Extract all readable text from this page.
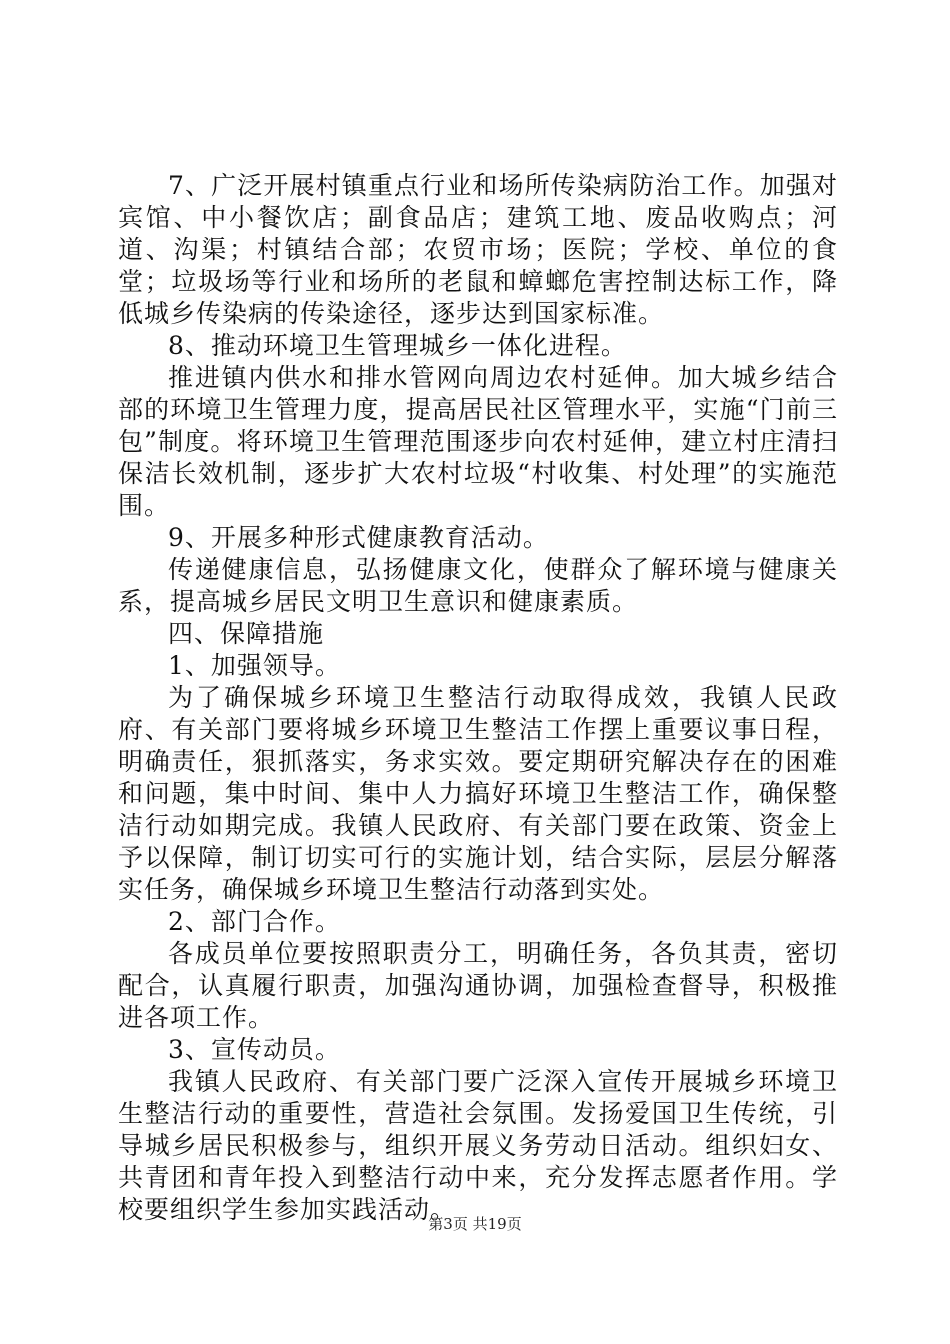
7、广泛开展村镇重点行业和场所传染病防治工作。加强对宾馆、中小餐饮店；副食品店；建筑工地、废品收购点；河道、沟渠；村镇结合部；农贸市场；医院；学校、单位的食堂；垃圾场等行业和场所的老鼠和蟑螂危害控制达标工作，降低城乡传染病的传染途径，逐步达到国家标准。

8、推动环境卫生管理城乡一体化进程。

推进镇内供水和排水管网向周边农村延伸。加大城乡结合部的环境卫生管理力度，提高居民社区管理水平，实施“门前三包”制度。将环境卫生管理范围逐步向农村延伸，建立村庄清扫保洁长效机制，逐步扩大农村垃圾“村收集、村处理”的实施范围。

9、开展多种形式健康教育活动。

传递健康信息，弘扬健康文化，使群众了解环境与健康关系，提高城乡居民文明卫生意识和健康素质。

四、保障措施

1、加强领导。

为了确保城乡环境卫生整洁行动取得成效，我镇人民政府、有关部门要将城乡环境卫生整洁工作摆上重要议事日程，明确责任，狠抓落实，务求实效。要定期研究解决存在的困难和问题，集中时间、集中人力搞好环境卫生整洁工作，确保整洁行动如期完成。我镇人民政府、有关部门要在政策、资金上予以保障，制订切实可行的实施计划，结合实际，层层分解落实任务，确保城乡环境卫生整洁行动落到实处。

2、部门合作。

各成员单位要按照职责分工，明确任务，各负其责，密切配合，认真履行职责，加强沟通协调，加强检查督导，积极推进各项工作。

3、宣传动员。

我镇人民政府、有关部门要广泛深入宣传开展城乡环境卫生整洁行动的重要性，营造社会氛围。发扬爱国卫生传统，引导城乡居民积极参与，组织开展义务劳动日活动。组织妇女、共青团和青年投入到整洁行动中来，充分发挥志愿者作用。学校要组织学生参加实践活动。

第3页 共19页
